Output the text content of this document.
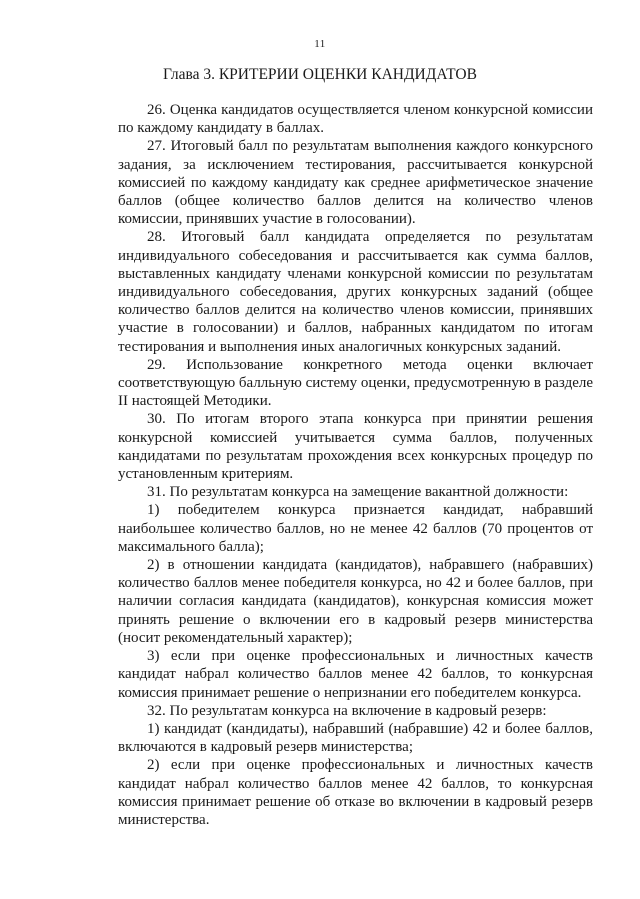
11
Глава 3. КРИТЕРИИ ОЦЕНКИ КАНДИДАТОВ

26. Оценка кандидатов осуществляется членом конкурсной комиссии по каждому кандидату в баллах.

27. Итоговый балл по результатам выполнения каждого конкурсного задания, за исключением тестирования, рассчитывается конкурсной комиссией по каждому кандидату как среднее арифметическое значение баллов (общее количество баллов делится на количество членов комиссии, принявших участие в голосовании).

28. Итоговый балл кандидата определяется по результатам индивидуального собеседования и рассчитывается как сумма баллов, выставленных кандидату членами конкурсной комиссии по результатам индивидуального собеседования, других конкурсных заданий (общее количество баллов делится на количество членов комиссии, принявших участие в голосовании) и баллов, набранных кандидатом по итогам тестирования и выполнения иных аналогичных конкурсных заданий.

29. Использование конкретного метода оценки включает соответствующую балльную систему оценки, предусмотренную в разделе II настоящей Методики.

30. По итогам второго этапа конкурса при принятии решения конкурсной комиссией учитывается сумма баллов, полученных кандидатами по результатам прохождения всех конкурсных процедур по установленным критериям.

31. По результатам конкурса на замещение вакантной должности:

1) победителем конкурса признается кандидат, набравший наибольшее количество баллов, но не менее 42 баллов (70 процентов от максимального балла);

2) в отношении кандидата (кандидатов), набравшего (набравших) количество баллов менее победителя конкурса, но 42 и более баллов, при наличии согласия кандидата (кандидатов), конкурсная комиссия может принять решение о включении его в кадровый резерв министерства (носит рекомендательный характер);

3) если при оценке профессиональных и личностных качеств кандидат набрал количество баллов менее 42 баллов, то конкурсная комиссия принимает решение о непризнании его победителем конкурса.

32. По результатам конкурса на включение в кадровый резерв:

1) кандидат (кандидаты), набравший (набравшие) 42 и более баллов, включаются в кадровый резерв министерства;

2) если при оценке профессиональных и личностных качеств кандидат набрал количество баллов менее 42 баллов, то конкурсная комиссия принимает решение об отказе во включении в кадровый резерв министерства.
